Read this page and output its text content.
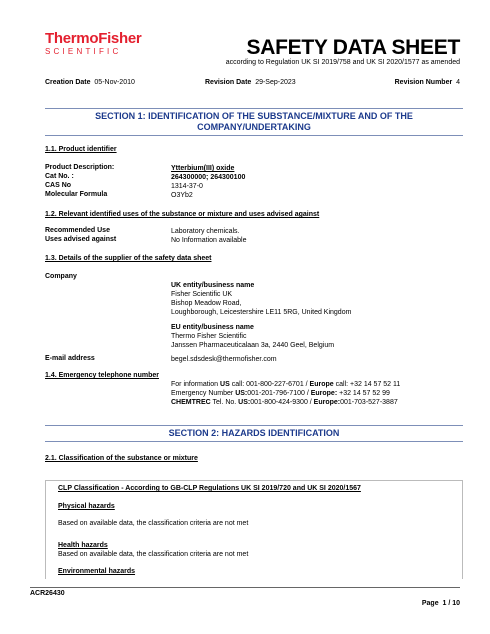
ThermoFisher
SCIENTIFIC	SAFETY DATA SHEET
according to Regulation UK SI 2019/758 and UK SI 2020/1577 as amended
Creation Date 05-Nov-2010	Revision Date 29-Sep-2023	Revision Number 4
SECTION 1: IDENTIFICATION OF THE SUBSTANCE/MIXTURE AND OF THE
COMPANY/UNDERTAKING
1.1. Product identifier
Product Description:	Ytterbium(III) oxide
Cat No. :	264300000; 264300100
CAS No	1314-37-0
Molecular Formula	O3Yb2
1.2. Relevant identified uses of the substance or mixture and uses advised against
Recommended Use	Laboratory chemicals.
Uses advised against	No Information available
1.3. Details of the supplier of the safety data sheet
Company
UK entity/business name
Fisher Scientific UK
Bishop Meadow Road,
Loughborough, Leicestershire LE11 5RG, United Kingdom
EU entity/business name
Thermo Fisher Scientific
Janssen Pharmaceuticalaan 3a, 2440 Geel, Belgium
E-mail address	begel.sdsdesk@thermofisher.com
1.4. Emergency telephone number
For information US call: 001-800-227-6701 / Europe call: +32 14 57 52 11
Emergency Number US:001-201-796-7100 / Europe: +32 14 57 52 99
CHEMTREC Tel. No. US:001-800-424-9300 / Europe:001-703-527-3887
SECTION 2: HAZARDS IDENTIFICATION
2.1. Classification of the substance or mixture
CLP Classification - According to GB-CLP Regulations UK SI 2019/720 and UK SI 2020/1567
Physical hazards
Based on available data, the classification criteria are not met
Health hazards
Based on available data, the classification criteria are not met
Environmental hazards
ACR26430
Page 1 / 10
